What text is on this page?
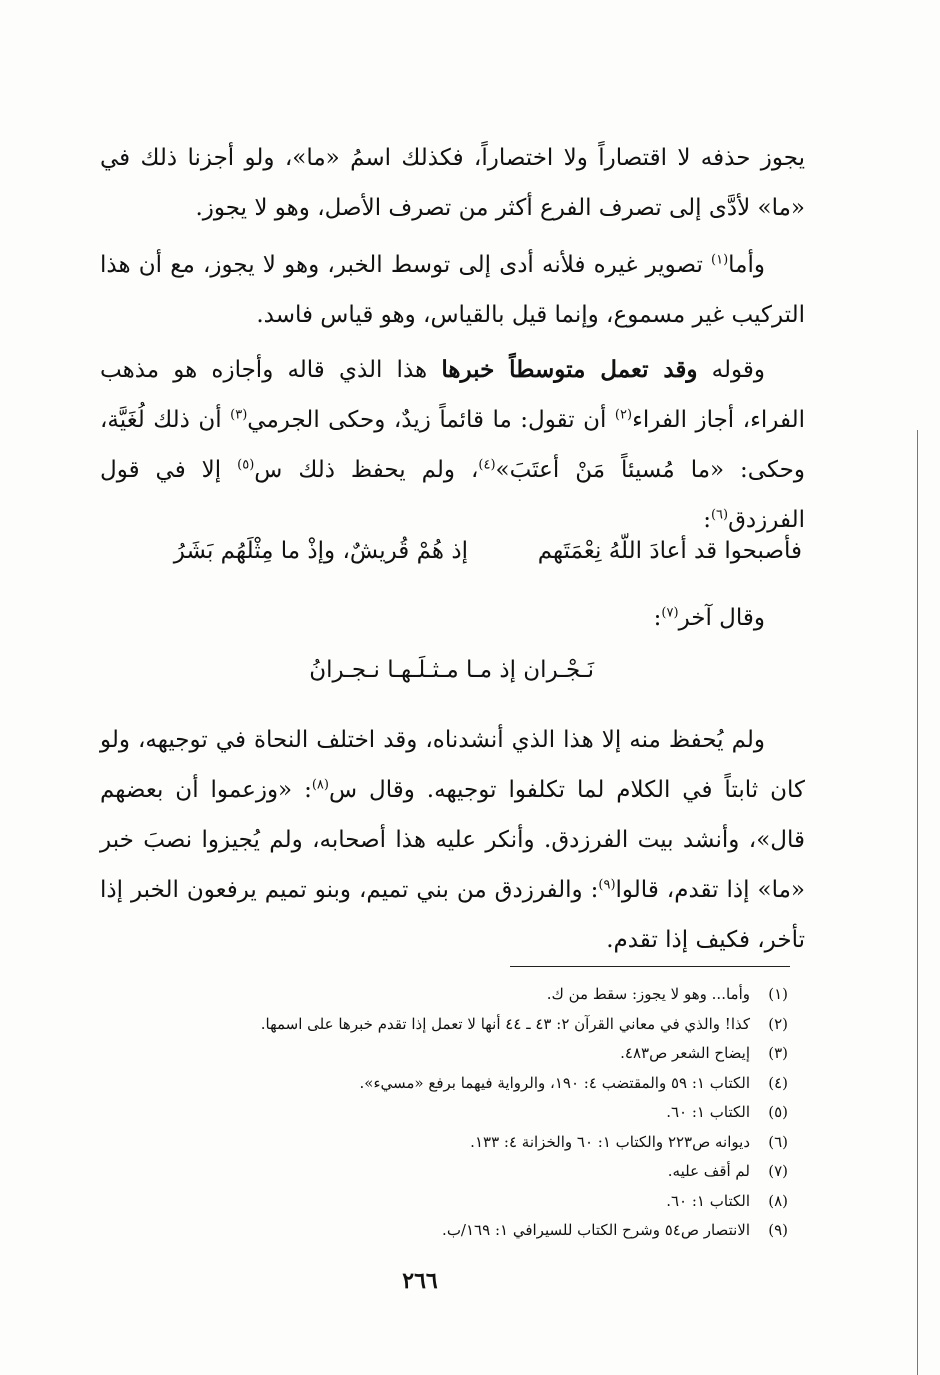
يجوز حذفه لا اقتصاراً ولا اختصاراً، فكذلك اسمُ «ما»، ولو أجزنا ذلك في «ما» لأدَّى إلى تصرف الفرع أكثر من تصرف الأصل، وهو لا يجوز.

وأما$^{(١)}$ تصوير غيره فلأنه أدى إلى توسط الخبر، وهو لا يجوز، مع أن هذا التركيب غير مسموع، وإنما قيل بالقياس، وهو قياس فاسد.

وقوله وقد تعمل متوسطاً خبرها هذا الذي قاله وأجازه هو مذهب الفراء، أجاز الفراء$^{(٢)}$ أن تقول: ما قائماً زيدٌ، وحكى الجرمي$^{(٣)}$ أن ذلك لُغَيَّة، وحكى: «ما مُسيئاً مَنْ أعتَبَ»$^{(٤)}$، ولم يحفظ ذلك س$^{(٥)}$ إلا في قول الفرزدق$^{(٦)}$:

فأصبحوا قد أعادَ اللّهُ نِعْمَتَهم
إذ هُمْ قُريشٌ، وإذْ ما مِثْلَهُم بَشَرُ

وقال آخر$^{(٧)}$:

نَـجْـران إذ مـا مـثـلَـهـا نـجـرانُ

ولم يُحفظ منه إلا هذا الذي أنشدناه، وقد اختلف النحاة في توجيهه، ولو كان ثابتاً في الكلام لما تكلفوا توجيهه. وقال س$^{(٨)}$: «وزعموا أن بعضهم قال»، وأنشد بيت الفرزدق. وأنكر عليه هذا أصحابه، ولم يُجيزوا نصبَ خبر «ما» إذا تقدم، قالوا$^{(٩)}$: والفرزدق من بني تميم، وبنو تميم يرفعون الخبر إذا تأخر، فكيف إذا تقدم.

(١)وأما... وهو لا يجوز: سقط من ك.
(٢)كذا! والذي في معاني القرآن ٢: ٤٣ ـ ٤٤ أنها لا تعمل إذا تقدم خبرها على اسمها.
(٣)إيضاح الشعر ص٤٨٣.
(٤)الكتاب ١: ٥٩ والمقتضب ٤: ١٩٠، والرواية فيهما برفع «مسيء».
(٥)الكتاب ١: ٦٠.
(٦)ديوانه ص٢٢٣ والكتاب ١: ٦٠ والخزانة ٤: ١٣٣.
(٧)لم أقف عليه.
(٨)الكتاب ١: ٦٠.
(٩)الانتصار ص٥٤ وشرح الكتاب للسيرافي ١: ١٦٩/ب.
٢٦٦
